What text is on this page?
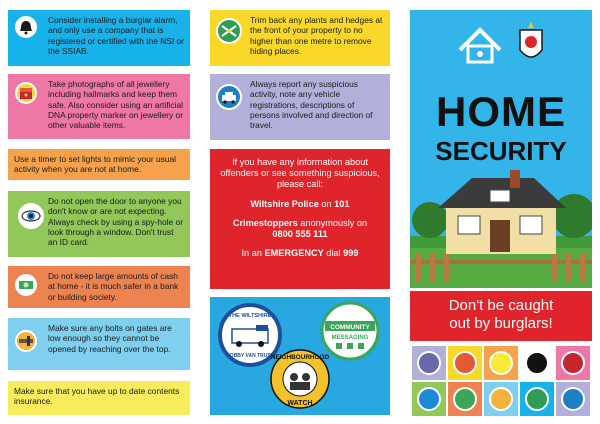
Consider installing a burglar alarm, and only use a company that is registered or certified with the NSI or the SSIAB.
Take photographs of all jewellery including hallmarks and keep them safe. Also consider using an artificial DNA property marker on jewellery or other valuable items.
Use a timer to set lights to mimic your usual activity when you are not at home.
Do not open the door to anyone you don't know or are not expecting. Always check by using a spy-hole or look through a window. Don't trust an ID card.
Do not keep large amounts of cash at home - it is much safer in a bank or building society.
Make sure any bolts on gates are low enough so they cannot be opened by reaching over the top.
Make sure that you have up to date contents insurance.
Trim back any plants and hedges at the front of your property to no higher than one metre to remove hiding places.
Always report any suspicious activity, note any vehicle registrations, descriptions of persons involved and direction of travel.

If you have any information about offenders or see something suspicious, please call:

Wiltshire Police on 101

Crimestoppers anonymously on
0800 555 111

In an EMERGENCY dial 999

THE WILTSHIRE
COBBY VAN TRUST
COMMUNITY
MESSAGING
NEIGHBOURHOOD
WATCH
HOME
SECURITY
Don't be caught
out by burglars!
